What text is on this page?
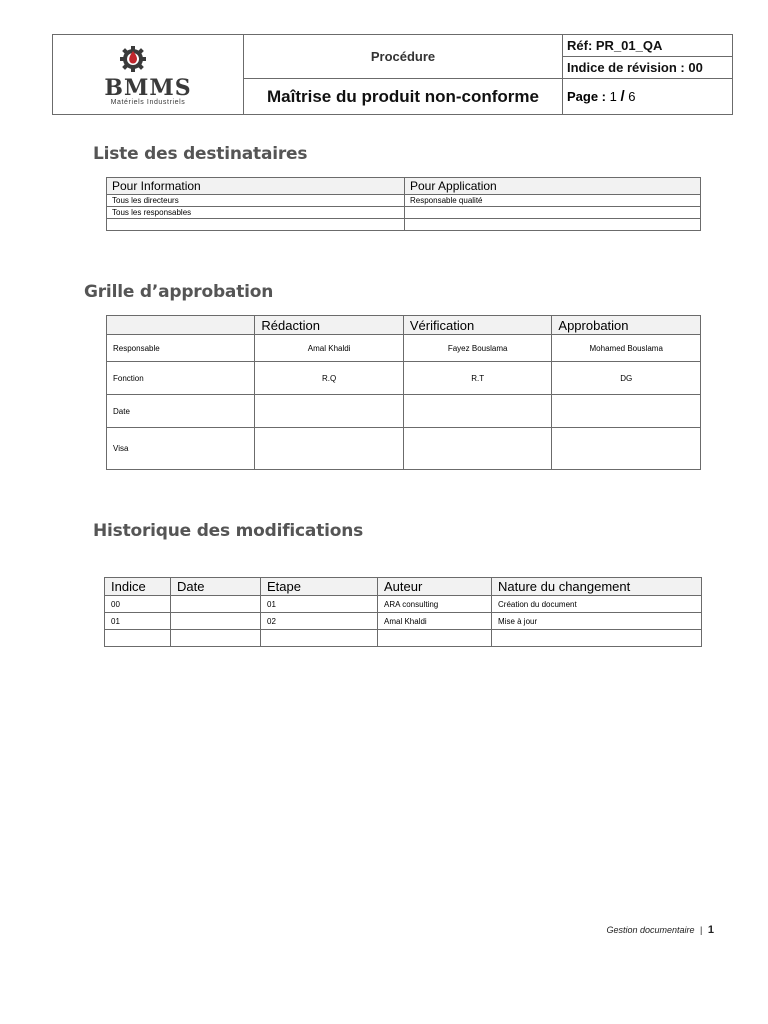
BMMS
Matériels Industriels	Procédure	Réf: PR_01_QA
		Indice de révision : 00
	Maîtrise du produit non-conforme	Page : 1 / 6
Liste des destinataires
Pour Information	Pour Application
Tous les directeurs	Responsable qualité
Tous les responsables	

Grille d’approbation
	Rédaction	Vérification	Approbation
Responsable	Amal Khaldi	Fayez Bouslama	Mohamed Bouslama
Fonction	R.Q	R.T	DG
Date			
Visa			
Historique des modifications
Indice	Date	Etape	Auteur	Nature du changement
00		01	ARA consulting	Création du document
01		02	Amal Khaldi	Mise à jour

Gestion documentaire | 1
